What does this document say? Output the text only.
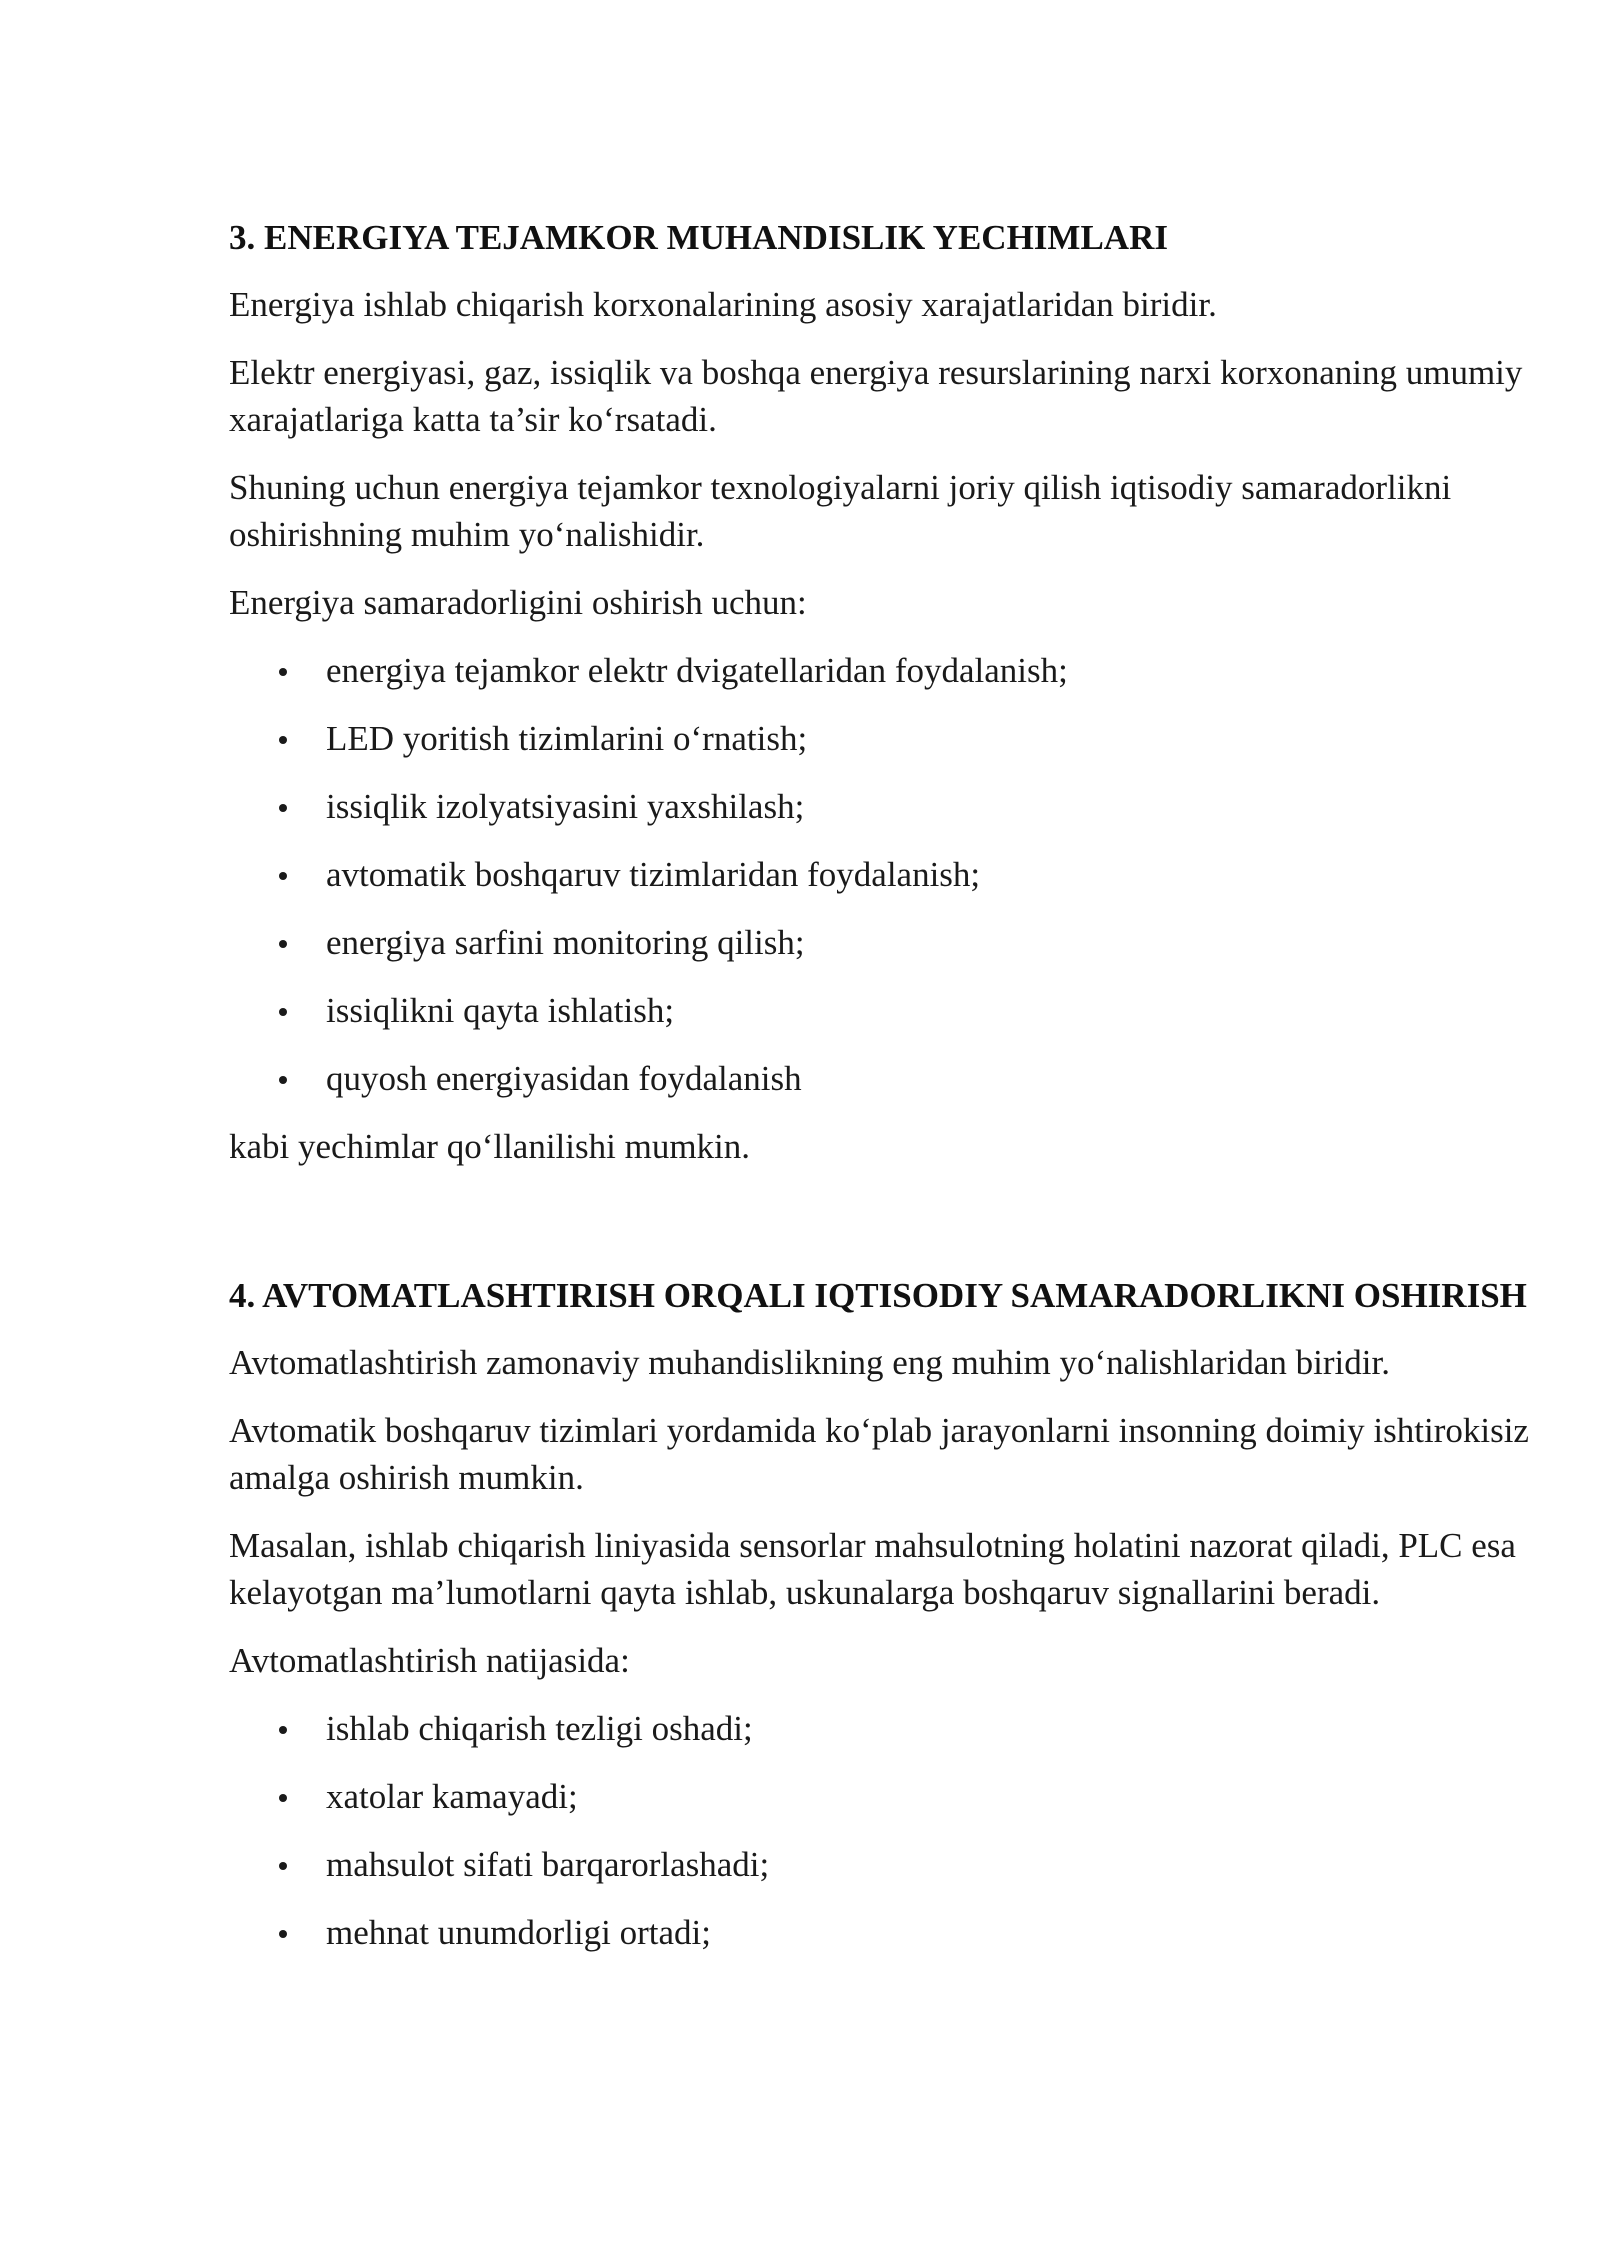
3. ENERGIYA TEJAMKOR MUHANDISLIK YECHIMLARI

Energiya ishlab chiqarish korxonalarining asosiy xarajatlaridan biridir.

Elektr energiyasi, gaz, issiqlik va boshqa energiya resurslarining narxi korxonaning umumiy xarajatlariga katta ta’sir ko‘rsatadi.

Shuning uchun energiya tejamkor texnologiyalarni joriy qilish iqtisodiy samaradorlikni oshirishning muhim yo‘nalishidir.

Energiya samaradorligini oshirish uchun:

energiya tejamkor elektr dvigatellaridan foydalanish;
LED yoritish tizimlarini o‘rnatish;
issiqlik izolyatsiyasini yaxshilash;
avtomatik boshqaruv tizimlaridan foydalanish;
energiya sarfini monitoring qilish;
issiqlikni qayta ishlatish;
quyosh energiyasidan foydalanish

kabi yechimlar qo‘llanilishi mumkin.

4. AVTOMATLASHTIRISH ORQALI IQTISODIY SAMARADORLIKNI OSHIRISH

Avtomatlashtirish zamonaviy muhandislikning eng muhim yo‘nalishlaridan biridir.

Avtomatik boshqaruv tizimlari yordamida ko‘plab jarayonlarni insonning doimiy ishtirokisiz amalga oshirish mumkin.

Masalan, ishlab chiqarish liniyasida sensorlar mahsulotning holatini nazorat qiladi, PLC esa kelayotgan ma’lumotlarni qayta ishlab, uskunalarga boshqaruv signallarini beradi.

Avtomatlashtirish natijasida:

ishlab chiqarish tezligi oshadi;
xatolar kamayadi;
mahsulot sifati barqarorlashadi;
mehnat unumdorligi ortadi;
